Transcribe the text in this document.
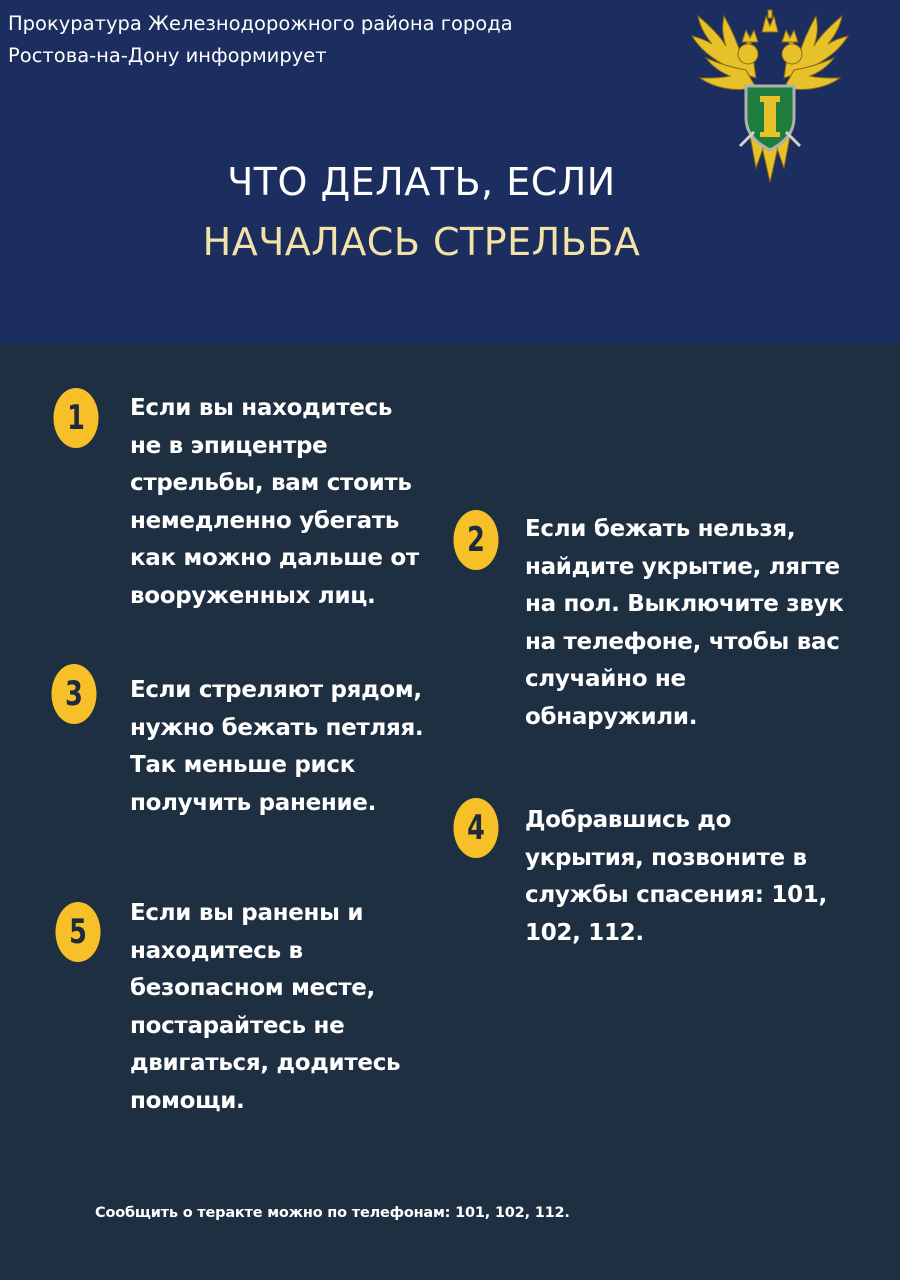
Прокуратура Железнодорожного района города
Ростова-на-Дону информирует
ЧТО ДЕЛАТЬ, ЕСЛИ
НАЧАЛАСЬ СТРЕЛЬБА
1	Если вы находитесь
не в эпицентре
стрельбы, вам стоить
немедленно убегать
как можно дальше от
вооруженных лиц.
2	Если бежать нельзя,
найдите укрытие, лягте
на пол. Выключите звук
на телефоне, чтобы вас
случайно не
обнаружили.
3	Если стреляют рядом,
нужно бежать петляя.
Так меньше риск
получить ранение.
4	Добравшись до
укрытия, позвоните в
службы спасения: 101,
102, 112.
5	Если вы ранены и
находитесь в
безопасном месте,
постарайтесь не
двигаться, додитесь
помощи.
Сообщить о теракте можно по телефонам: 101, 102, 112.
